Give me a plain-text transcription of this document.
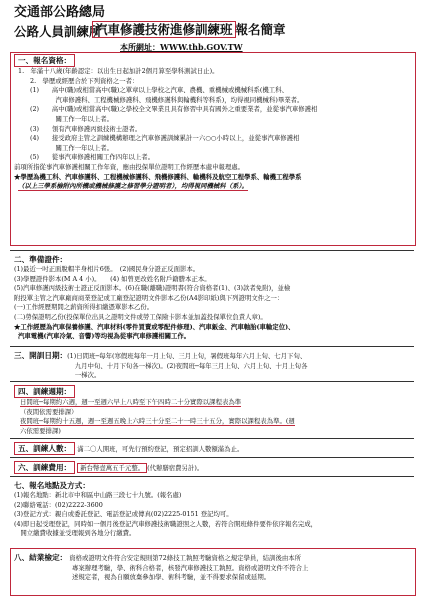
交通部公路總局
公路人員訓練所
汽車修護技術進修訓練班 報名簡章
本所網址：WWW.thb.GOV.TW
一、報名資格：
1.　年滿十八歲(年齡認定：以出生日起加計2個月算至學科測試日止)。
2.　學歷或經歷合於下列資格之一者：
(1)　　高中(職)或相當高中(職)之單章以上學校之汽車、農機、重機械或機械科系(機工科、
　　　　汽車修護科、工程機械修護科、飛機修護科與輪機科等科系)，均得視同機械科)畢業者。
(2)　　高中(職)或相當高中(職)之學校全文畢業且具有修習中具有國外之重要業者，並從事汽車修護相
　　　　關工作一年以上者。
(3)　　領有汽車修護丙級技術士證者。
(4)　　接受政府主管之訓練機構辦理之汽車修護訓練累計一六○○小時以上，並從事汽車修護相
　　　　關工作一年以上者。
(5)　　從事汽車修護相關工作四年以上者。
前項所指從事汽車修護相關工作年資，應由投保單位證明工作經歷本處申報理處。
★學歷為機工科、汽車修護科、工程機械修護科、飛機修護科、輪機科及航空工程學系、輪機工程學系
（以上三學系檢附內所機或機械修護之修習學分證明者），均得視同機械科（系）。
二、準備證件：
(1)最近一吋正面脫帽半身相片6張。　(2)國民身分證正反面影本。
(3)學歷證件影本(M A 4 小)。　　(4) 如曾更改姓名附戶籍謄本正本。
(5)汽車修護丙級技術士證正反面影本。(6)在職(離職)證明書(符合資格者(1)、(3)款者免附)，並檢
附投單主管之汽車廠商商業登記或工廠登記證明文件影本乙份(A4影印紙)與下列證明文件之一：
(一)工作經歷期間之薪資所得扣繳憑單影本乙份。
(二)勞保證明乙份(投保單位出具之證明文件或勞工保險卡影本並加蓋投保單位負責人章)。
★工作經歷為汽車保養修護、汽車材料(零件買賣或零配件修理)、汽車鈑金、汽車軸胎(車輪定位)、
汽車電機(汽車冷氣、音響)等均視為從事汽車修護相關工作。
三、開訓日期：(1)日間班─每年(寒假班每年一月上旬、三月上旬，暑假班每年六月上旬、七月下旬、
　　九月中旬、十月下旬各一梯次)。(2)夜間班─每年三月上旬、六月上旬、十月上旬各
　　一梯次。
四、訓練週期：
日間班─每期約六週，週一至週六早上八時至下午四時二十分實際以課程表為準
（夜間依需要排課）
夜間班─每期約十五週，週一至週五晚上六時三十分至二十一時三十五分，實際以課程表為準。(週
六依需要排課)
五、訓練人數： 滿二〇人開班，可先行預約登記，預定招訓人數額滿為止。
六、訓練費用： 新台幣壹萬五千元整。 (代辦膳宿費另計)。
七、報名地點及方式：
(1)報名地點：新北市中和區中山路三段七十九號。(報名處)
(2)聯絡電話：(02)2222-3600
(3)登記方式：親自或委託登記、電話登記或傳真(02)2225-0151 登記均可。
(4)即日起受理登記，同時如一個月後登記汽車修護技術職證照之人數，若符合開班條件要件依序報名完成，
　開立繳費收據並受理報到各地分行繳費。
八、結業檢定： 資格或證明文件符合安定規則第72條技工執照考驗資格之規定學員，結訓後由本所
專案辦理考驗，學、術科合格者，核發汽車修護技工執照。資格或證明文件不符合上
述規定者，視為自願放棄參加學、術科考驗，並不得要求保留或延期。
